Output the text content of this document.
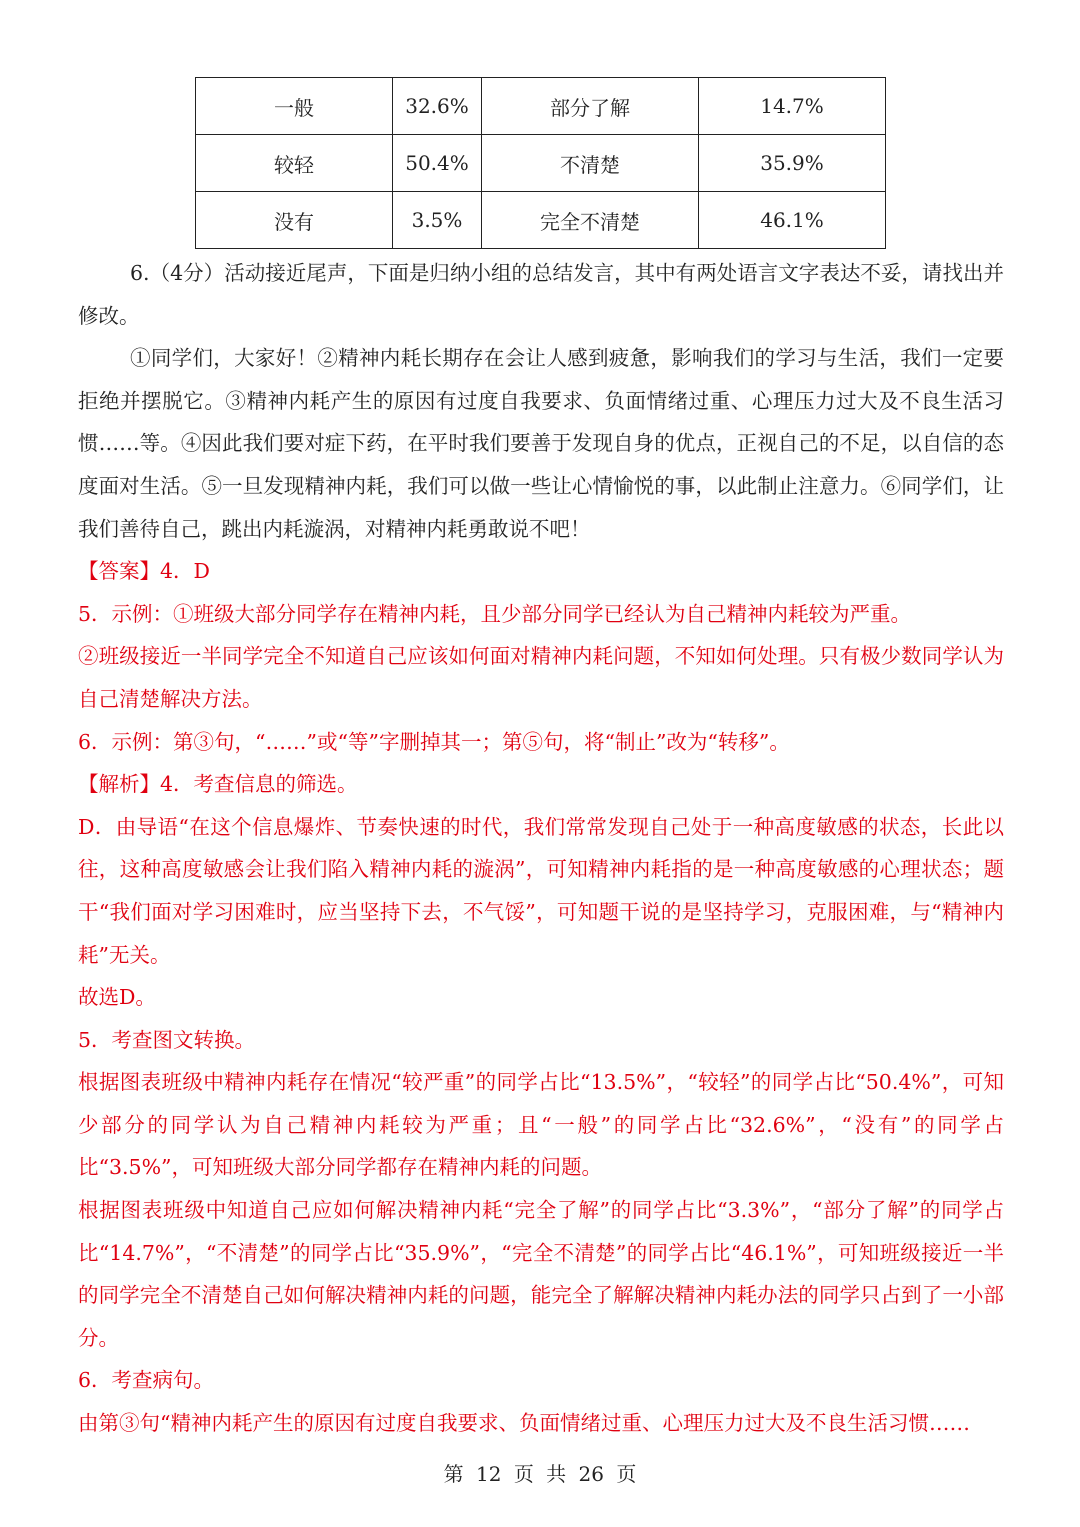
一般	32.6%	部分了解	14.7%
较轻	50.4%	不清楚	35.9%
没有	3.5%	完全不清楚	46.1%

6.（4分）活动接近尾声，下面是归纳小组的总结发言，其中有两处语言文字表达不妥，请找出并修改。

①同学们，大家好！②精神内耗长期存在会让人感到疲惫，影响我们的学习与生活，我们一定要拒绝并摆脱它。③精神内耗产生的原因有过度自我要求、负面情绪过重、心理压力过大及不良生活习惯……等。④因此我们要对症下药，在平时我们要善于发现自身的优点，正视自己的不足，以自信的态度面对生活。⑤一旦发现精神内耗，我们可以做一些让心情愉悦的事，以此制止注意力。⑥同学们，让我们善待自己，跳出内耗漩涡，对精神内耗勇敢说不吧！

【答案】4．D

5．示例：①班级大部分同学存在精神内耗，且少部分同学已经认为自己精神内耗较为严重。

②班级接近一半同学完全不知道自己应该如何面对精神内耗问题，不知如何处理。只有极少数同学认为自己清楚解决方法。

6．示例：第③句，“……”或“等”字删掉其一；第⑤句，将“制止”改为“转移”。

【解析】4．考查信息的筛选。

D．由导语“在这个信息爆炸、节奏快速的时代，我们常常发现自己处于一种高度敏感的状态，长此以往，这种高度敏感会让我们陷入精神内耗的漩涡”，可知精神内耗指的是一种高度敏感的心理状态；题干“我们面对学习困难时，应当坚持下去，不气馁”，可知题干说的是坚持学习，克服困难，与“精神内耗”无关。

故选D。

5．考查图文转换。

根据图表班级中精神内耗存在情况“较严重”的同学占比“13.5%”，“较轻”的同学占比“50.4%”，可知少部分的同学认为自己精神内耗较为严重；且“一般”的同学占比“32.6%”，“没有”的同学占比“3.5%”，可知班级大部分同学都存在精神内耗的问题。

根据图表班级中知道自己应如何解决精神内耗“完全了解”的同学占比“3.3%”，“部分了解”的同学占比“14.7%”，“不清楚”的同学占比“35.9%”，“完全不清楚”的同学占比“46.1%”，可知班级接近一半的同学完全不清楚自己如何解决精神内耗的问题，能完全了解解决精神内耗办法的同学只占到了一小部分。

6．考查病句。

由第③句“精神内耗产生的原因有过度自我要求、负面情绪过重、心理压力过大及不良生活习惯……

第 12 页 共 26 页
